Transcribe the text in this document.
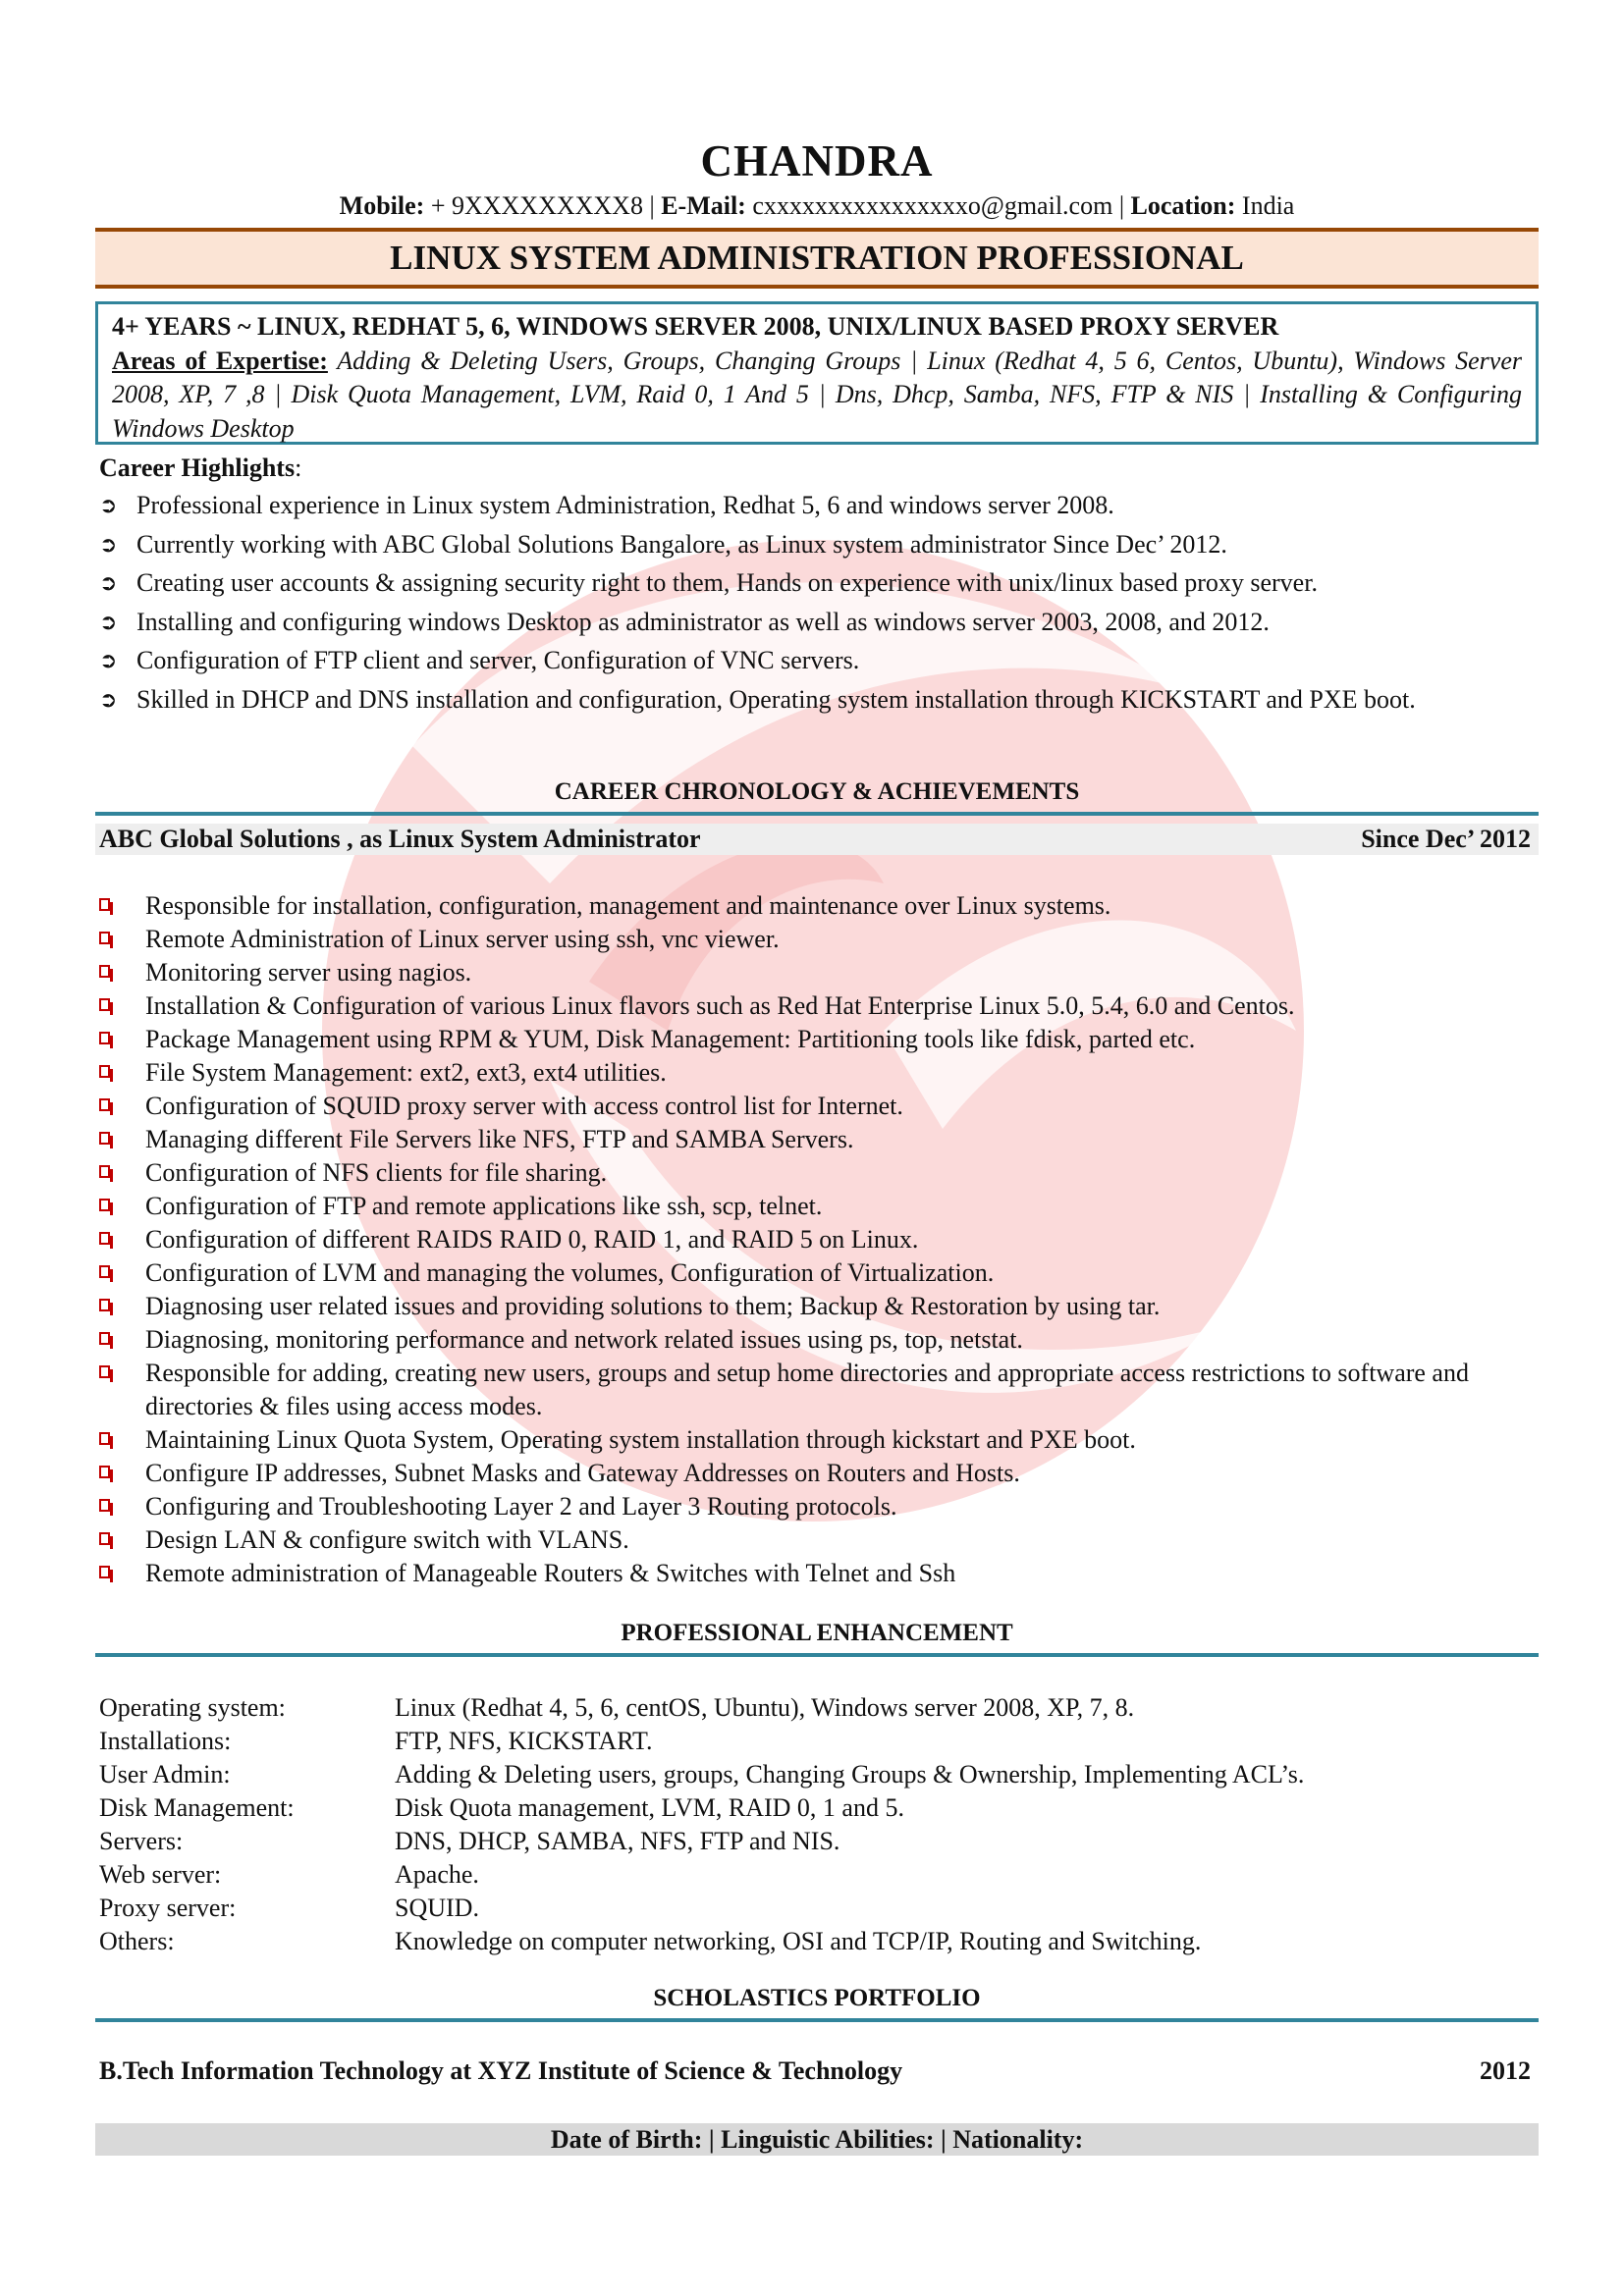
CHANDRA
Mobile: + 9XXXXXXXXX8 | E-Mail: cxxxxxxxxxxxxxxxxo@gmail.com | Location: India
LINUX SYSTEM ADMINISTRATION PROFESSIONAL
4+ YEARS ~ LINUX, REDHAT 5, 6, WINDOWS SERVER 2008, UNIX/LINUX BASED PROXY SERVER
Areas of Expertise: Adding & Deleting Users, Groups, Changing Groups | Linux (Redhat 4, 5 6, Centos, Ubuntu), Windows Server 2008, XP, 7 ,8 | Disk Quota Management, LVM, Raid 0, 1 And 5 | Dns, Dhcp, Samba, NFS, FTP & NIS | Installing & Configuring Windows Desktop
Career Highlights:
➲ Professional experience in Linux system Administration, Redhat 5, 6 and windows server 2008.
➲ Currently working with ABC Global Solutions Bangalore, as Linux system administrator Since Dec’ 2012.
➲ Creating user accounts & assigning security right to them, Hands on experience with unix/linux based proxy server.
➲ Installing and configuring windows Desktop as administrator as well as windows server 2003, 2008, and 2012.
➲ Configuration of FTP client and server, Configuration of VNC servers.
➲ Skilled in DHCP and DNS installation and configuration, Operating system installation through KICKSTART and PXE boot.
CAREER CHRONOLOGY & ACHIEVEMENTS
ABC Global Solutions , as Linux System Administrator	Since Dec’ 2012
Responsible for installation, configuration, management and maintenance over Linux systems.
Remote Administration of Linux server using ssh, vnc viewer.
Monitoring server using nagios.
Installation & Configuration of various Linux flavors such as Red Hat Enterprise Linux 5.0, 5.4, 6.0 and Centos.
Package Management using RPM & YUM, Disk Management: Partitioning tools like fdisk, parted etc.
File System Management: ext2, ext3, ext4 utilities.
Configuration of SQUID proxy server with access control list for Internet.
Managing different File Servers like NFS, FTP and SAMBA Servers.
Configuration of NFS clients for file sharing.
Configuration of FTP and remote applications like ssh, scp, telnet.
Configuration of different RAIDS RAID 0, RAID 1, and RAID 5 on Linux.
Configuration of LVM and managing the volumes, Configuration of Virtualization.
Diagnosing user related issues and providing solutions to them; Backup & Restoration by using tar.
Diagnosing, monitoring performance and network related issues using ps, top, netstat.
Responsible for adding, creating new users, groups and setup home directories and appropriate access restrictions to software and directories & files using access modes.
Maintaining Linux Quota System, Operating system installation through kickstart and PXE boot.
Configure IP addresses, Subnet Masks and Gateway Addresses on Routers and Hosts.
Configuring and Troubleshooting Layer 2 and Layer 3 Routing protocols.
Design LAN & configure switch with VLANS.
Remote administration of Manageable Routers & Switches with Telnet and Ssh
PROFESSIONAL ENHANCEMENT
Operating system:	Linux (Redhat 4, 5, 6, centOS, Ubuntu), Windows server 2008, XP, 7, 8.
Installations:	FTP, NFS, KICKSTART.
User Admin:	Adding & Deleting users, groups, Changing Groups & Ownership, Implementing ACL’s.
Disk Management:	Disk Quota management, LVM, RAID 0, 1 and 5.
Servers:	DNS, DHCP, SAMBA, NFS, FTP and NIS.
Web server:	Apache.
Proxy server:	SQUID.
Others:	Knowledge on computer networking, OSI and TCP/IP, Routing and Switching.
SCHOLASTICS PORTFOLIO
B.Tech Information Technology at XYZ Institute of Science & Technology	2012
Date of Birth: | Linguistic Abilities: | Nationality:
